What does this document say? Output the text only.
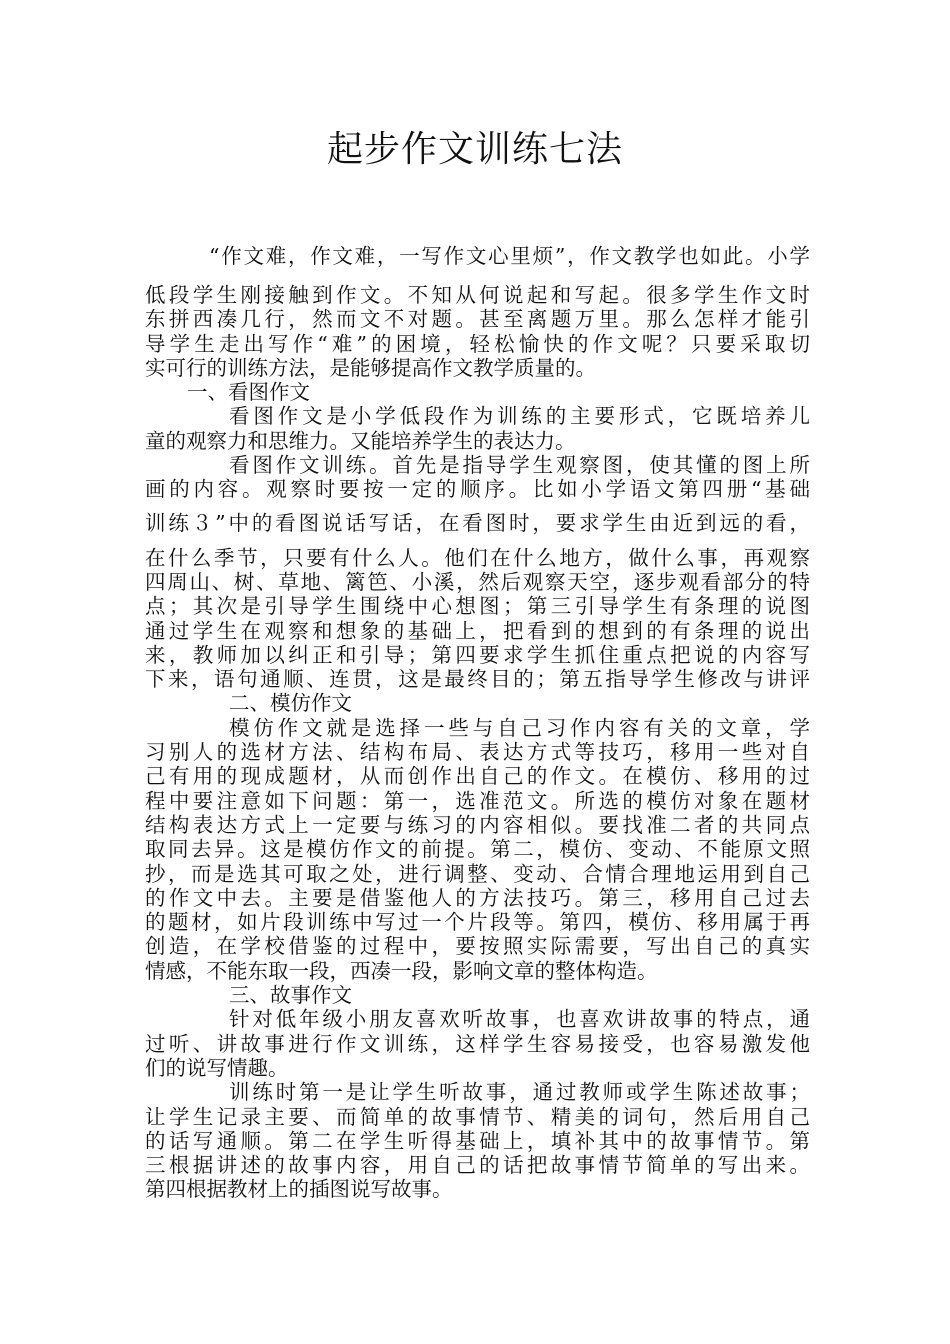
起步作文训练七法
“作文难，作文难，一写作文心里烦”，作文教学也如此。小学
低段学生刚接触到作文。不知从何说起和写起。很多学生作文时
东拼西凑几行，然而文不对题。甚至离题万里。那么怎样才能引
导学生走出写作“难”的困境，轻松愉快的作文呢？只要采取切
实可行的训练方法，是能够提高作文教学质量的。
一、看图作文
看图作文是小学低段作为训练的主要形式，它既培养儿
童的观察力和思维力。又能培养学生的表达力。
看图作文训练。首先是指导学生观察图，使其懂的图上所
画的内容。观察时要按一定的顺序。比如小学语文第四册“基础
训练３”中的看图说话写话，在看图时，要求学生由近到远的看，
在什么季节，只要有什么人。他们在什么地方，做什么事，再观察
四周山、树、草地、篱笆、小溪，然后观察天空，逐步观看部分的特
点；其次是引导学生围绕中心想图；第三引导学生有条理的说图
通过学生在观察和想象的基础上，把看到的想到的有条理的说出
来，教师加以纠正和引导；第四要求学生抓住重点把说的内容写
下来，语句通顺、连贯，这是最终目的；第五指导学生修改与讲评
二、模仿作文
模仿作文就是选择一些与自己习作内容有关的文章，学
习别人的选材方法、结构布局、表达方式等技巧，移用一些对自
己有用的现成题材，从而创作出自己的作文。在模仿、移用的过
程中要注意如下问题：第一，选准范文。所选的模仿对象在题材
结构表达方式上一定要与练习的内容相似。要找准二者的共同点
取同去异。这是模仿作文的前提。第二，模仿、变动、不能原文照
抄，而是选其可取之处，进行调整、变动、合情合理地运用到自己
的作文中去。主要是借鉴他人的方法技巧。第三，移用自己过去
的题材，如片段训练中写过一个片段等。第四，模仿、移用属于再
创造，在学校借鉴的过程中，要按照实际需要，写出自己的真实
情感，不能东取一段，西凑一段，影响文章的整体构造。
三、故事作文
针对低年级小朋友喜欢听故事，也喜欢讲故事的特点，通
过听、讲故事进行作文训练，这样学生容易接受，也容易激发他
们的说写情趣。
训练时第一是让学生听故事，通过教师或学生陈述故事；
让学生记录主要、而简单的故事情节、精美的词句，然后用自己
的话写通顺。第二在学生听得基础上，填补其中的故事情节。第
三根据讲述的故事内容，用自己的话把故事情节简单的写出来。
第四根据教材上的插图说写故事。
